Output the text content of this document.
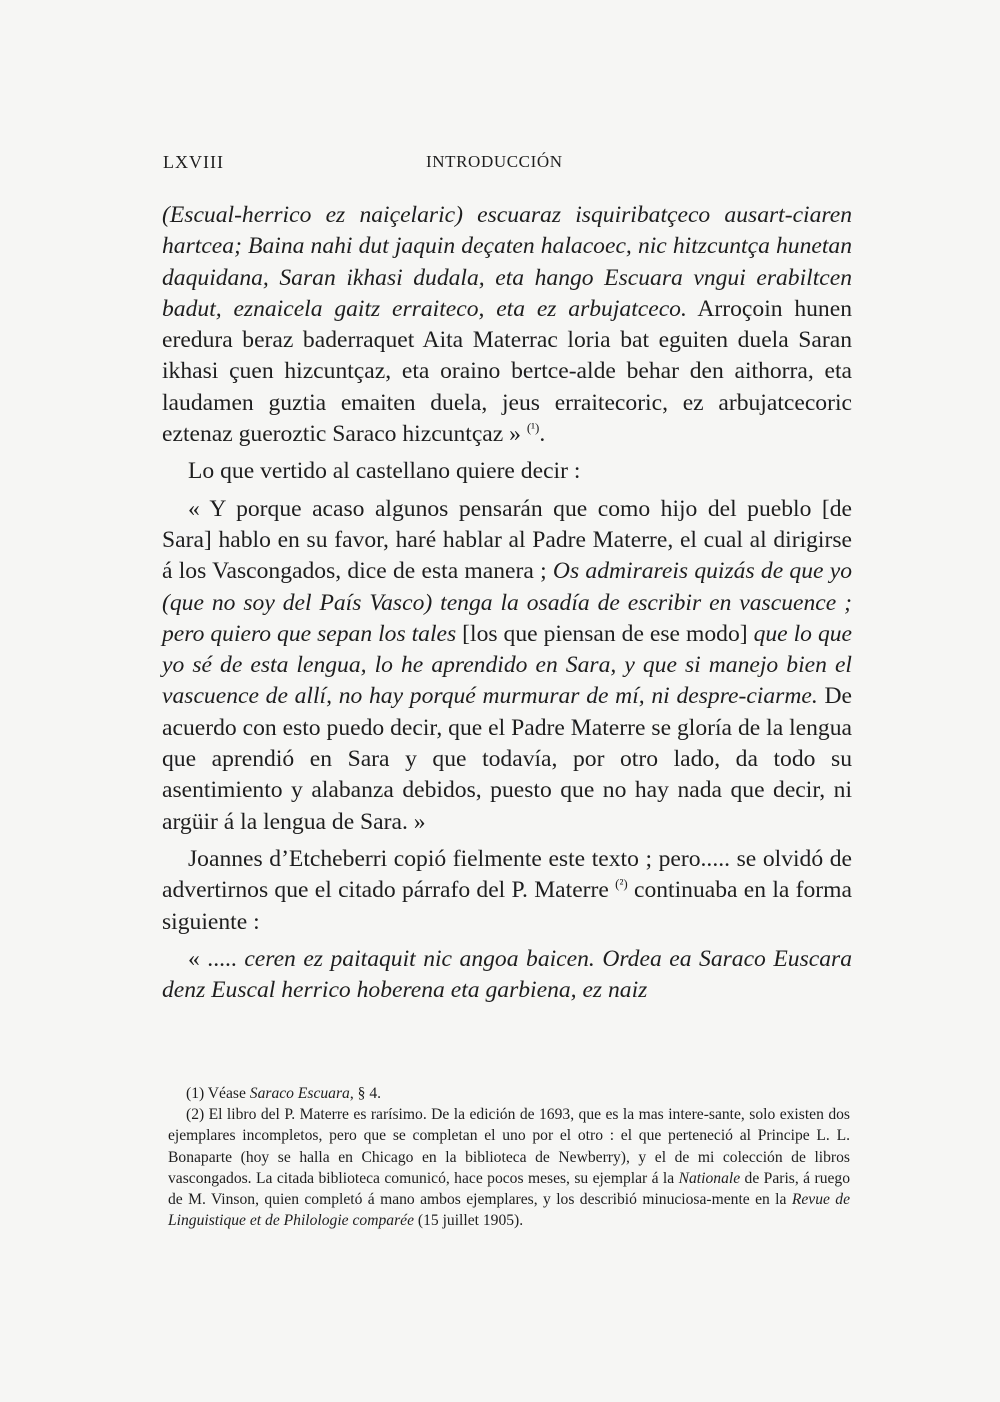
LXVIII	INTRODUCCIÓN

(Escual-herrico ez naiçelaric) escuaraz isquiribatçeco ausart-ciaren hartcea; Baina nahi dut jaquin deçaten halacoec, nic hitzcuntça hunetan daquidana, Saran ikhasi dudala, eta hango Escuara vngui erabiltcen badut, eznaicela gaitz erraiteco, eta ez arbujatceco. Arroçoin hunen eredura beraz baderraquet Aita Materrac loria bat eguiten duela Saran ikhasi çuen hizcuntçaz, eta oraino bertce-alde behar den aithorra, eta laudamen guztia emaiten duela, jeus erraitecoric, ez arbujatcecoric eztenaz gueroztic Saraco hizcuntçaz » $^{(^1)}$.

Lo que vertido al castellano quiere decir :

« Y porque acaso algunos pensarán que como hijo del pueblo [de Sara] hablo en su favor, haré hablar al Padre Materre, el cual al dirigirse á los Vascongados, dice de esta manera ; Os admirareis quizás de que yo (que no soy del País Vasco) tenga la osadía de escribir en vascuence ; pero quiero que sepan los tales [los que piensan de ese modo] que lo que yo sé de esta lengua, lo he aprendido en Sara, y que si manejo bien el vascuence de allí, no hay porqué murmurar de mí, ni despre-ciarme. De acuerdo con esto puedo decir, que el Padre Materre se gloría de la lengua que aprendió en Sara y que todavía, por otro lado, da todo su asentimiento y alabanza debidos, puesto que no hay nada que decir, ni argüir á la lengua de Sara. »

Joannes d’Etcheberri copió fielmente este texto ; pero..... se olvidó de advertirnos que el citado párrafo del P. Materre $^{(^2)}$ continuaba en la forma siguiente :

« ..... ceren ez paitaquit nic angoa baicen. Ordea ea Saraco Euscara denz Euscal herrico hoberena eta garbiena, ez naiz

(1) Véase Saraco Escuara, § 4.

(2) El libro del P. Materre es rarísimo. De la edición de 1693, que es la mas intere-sante, solo existen dos ejemplares incompletos, pero que se completan el uno por el otro : el que perteneció al Principe L. L. Bonaparte (hoy se halla en Chicago en la biblioteca de Newberry), y el de mi colección de libros vascongados. La citada biblioteca comunicó, hace pocos meses, su ejemplar á la Nationale de Paris, á ruego de M. Vinson, quien completó á mano ambos ejemplares, y los describió minuciosa-mente en la Revue de Linguistique et de Philologie comparée (15 juillet 1905).
